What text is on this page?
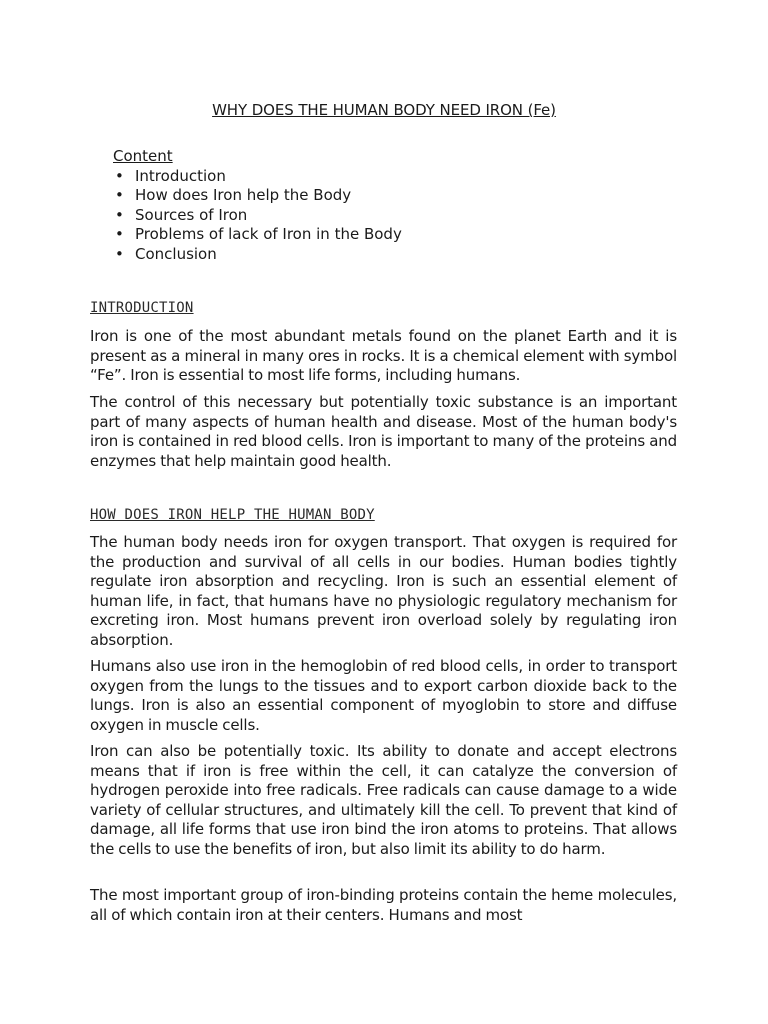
WHY DOES THE HUMAN BODY NEED IRON (Fe)
Content
• Introduction
• How does Iron help the Body
• Sources of Iron
• Problems of lack of Iron in the Body
• Conclusion
INTRODUCTION

Iron is one of the most abundant metals found on the planet Earth and it is present as a mineral in many ores in rocks. It is a chemical element with symbol “Fe”. Iron is essential to most life forms, including humans.

The control of this necessary but potentially toxic substance is an important part of many aspects of human health and disease. Most of the human body's iron is contained in red blood cells. Iron is important to many of the proteins and enzymes that help maintain good health.

HOW DOES IRON HELP THE HUMAN BODY

The human body needs iron for oxygen transport. That oxygen is required for the production and survival of all cells in our bodies. Human bodies tightly regulate iron absorption and recycling. Iron is such an essential element of human life, in fact, that humans have no physiologic regulatory mechanism for excreting iron. Most humans prevent iron overload solely by regulating iron absorption.

Humans also use iron in the hemoglobin of red blood cells, in order to transport oxygen from the lungs to the tissues and to export carbon dioxide back to the lungs. Iron is also an essential component of myoglobin to store and diffuse oxygen in muscle cells.

Iron can also be potentially toxic. Its ability to donate and accept electrons means that if iron is free within the cell, it can catalyze the conversion of hydrogen peroxide into free radicals. Free radicals can cause damage to a wide variety of cellular structures, and ultimately kill the cell. To prevent that kind of damage, all life forms that use iron bind the iron atoms to proteins. That allows the cells to use the benefits of iron, but also limit its ability to do harm.

The most important group of iron-binding proteins contain the heme molecules, all of which contain iron at their centers. Humans and most
